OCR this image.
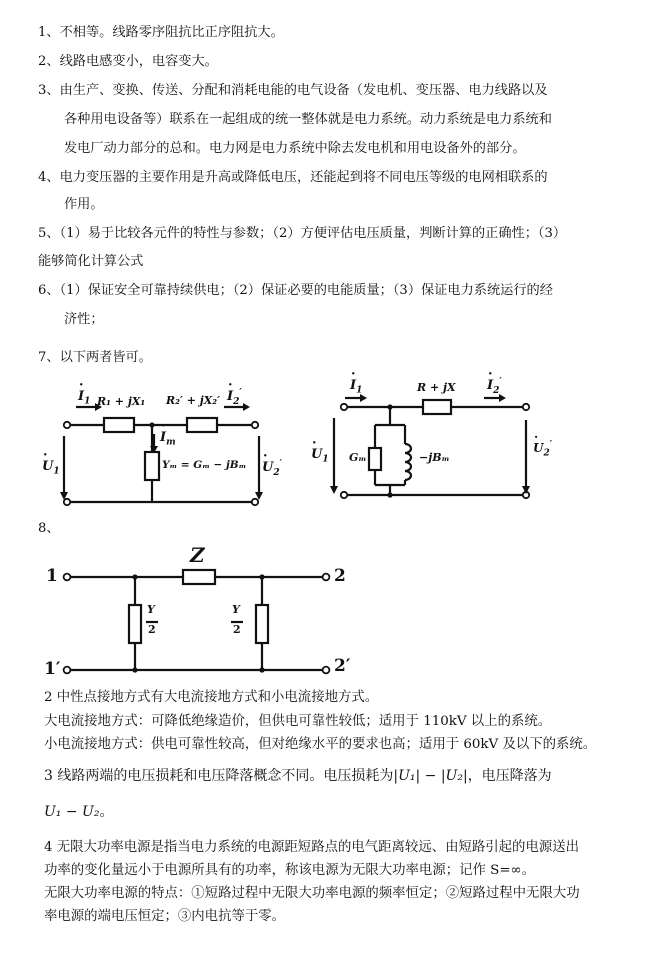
1、不相等。线路零序阻抗比正序阻抗大。
2、线路电感变小，电容变大。
3、由生产、变换、传送、分配和消耗电能的电气设备（发电机、变压器、电力线路以及
各种用电设备等）联系在一起组成的统一整体就是电力系统。动力系统是电力系统和
发电厂动力部分的总和。电力网是电力系统中除去发电机和用电设备外的部分。
4、电力变压器的主要作用是升高或降低电压，还能起到将不同电压等级的电网相联系的
作用。
5、（1）易于比较各元件的特性与参数；（2）方便评估电压质量，判断计算的正确性；（3）
能够简化计算公式
6、（1）保证安全可靠持续供电；（2）保证必要的电能质量；（3）保证电力系统运行的经
济性；
7、以下两者皆可。
8、
· $I_1$ R₁ + jX₁ $R_2' + jX_2' \cdot I_2'$
· $I_m$
· $U_1$
$Y_m = G_m - jB_m \cdot U_2'$
· $I_1$	R + jX · $I_2'$
· $U_1$ Gₘ	−jBₘ
· $U_2'$
1	2
1′	2′
Z
Y
2
Y
2
2 中性点接地方式有大电流接地方式和小电流接地方式。
大电流接地方式：可降低绝缘造价，但供电可靠性较低；适用于 110kV 以上的系统。
小电流接地方式：供电可靠性较高，但对绝缘水平的要求也高；适用于 60kV 及以下的系统。
3 线路两端的电压损耗和电压降落概念不同。电压损耗为|U₁| − |U₂|，电压降落为
U₁ − U₂。
4 无限大功率电源是指当电力系统的电源距短路点的电气距离较远、由短路引起的电源送出
功率的变化量远小于电源所具有的功率，称该电源为无限大功率电源；记作 S=∞。
无限大功率电源的特点：①短路过程中无限大功率电源的频率恒定；②短路过程中无限大功
率电源的端电压恒定；③内电抗等于零。
